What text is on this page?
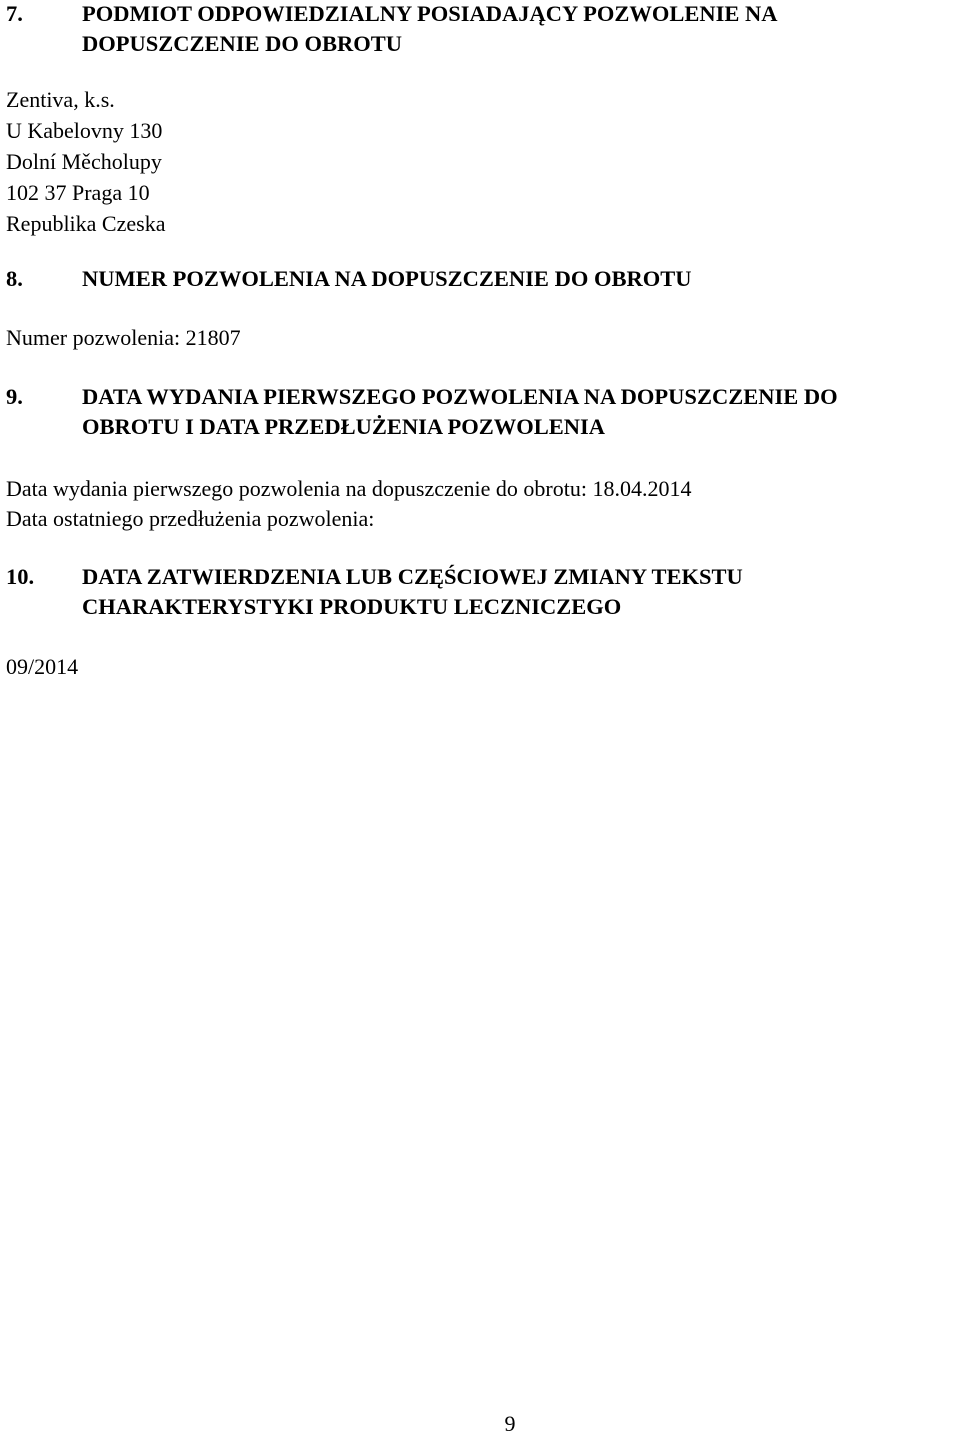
7.	PODMIOT ODPOWIEDZIALNY POSIADAJĄCY POZWOLENIE NA
DOPUSZCZENIE DO OBROTU
Zentiva, k.s.
U Kabelovny 130
Dolní Měcholupy
102 37 Praga 10
Republika Czeska
8.	NUMER POZWOLENIA NA DOPUSZCZENIE DO OBROTU
Numer pozwolenia: 21807
9.	DATA WYDANIA PIERWSZEGO POZWOLENIA NA DOPUSZCZENIE DO
OBROTU I DATA PRZEDŁUŻENIA POZWOLENIA
Data wydania pierwszego pozwolenia na dopuszczenie do obrotu: 18.04.2014
Data ostatniego przedłużenia pozwolenia:
10. DATA ZATWIERDZENIA LUB CZĘŚCIOWEJ ZMIANY TEKSTU
CHARAKTERYSTYKI PRODUKTU LECZNICZEGO
09/2014
9
